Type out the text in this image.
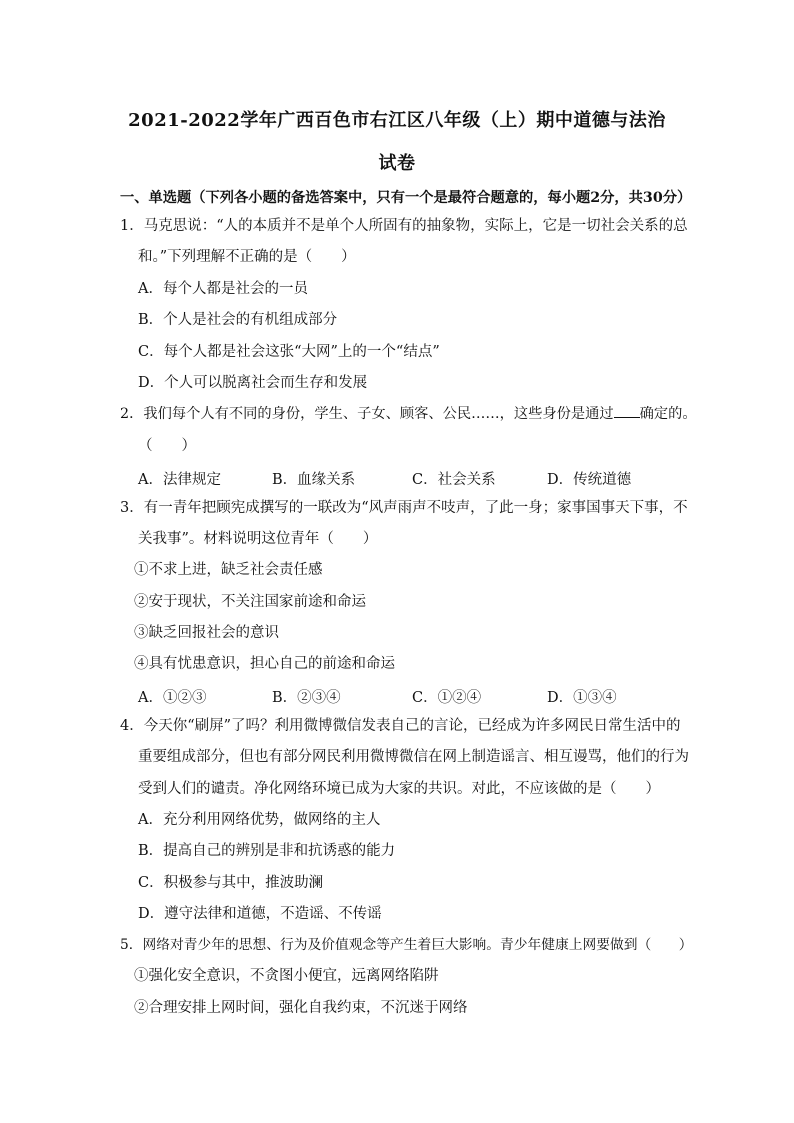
2021-2022学年广西百色市右江区八年级（上）期中道德与法治
试卷
一、单选题（下列各小题的备选答案中，只有一个是最符合题意的，每小题2分，共30分）
1．马克思说：“人的本质并不是单个人所固有的抽象物，实际上，它是一切社会关系的总
和。”下列理解不正确的是（　　）
A．每个人都是社会的一员
B．个人是社会的有机组成部分
C．每个人都是社会这张“大网”上的一个“结点”
D．个人可以脱离社会而生存和发展
2．我们每个人有不同的身份，学生、子女、顾客、公民……，这些身份是通过 确定的。
（　　）
A．法律规定	B．血缘关系	C．社会关系	D．传统道德
3．有一青年把顾宪成撰写的一联改为“风声雨声不吱声，了此一身；家事国事天下事，不
关我事”。材料说明这位青年（　　）
①不求上进，缺乏社会责任感
②安于现状，不关注国家前途和命运
③缺乏回报社会的意识
④具有忧患意识，担心自己的前途和命运
A．①②③	B．②③④	C．①②④	D．①③④
4．今天你“刷屏”了吗？利用微博微信发表自己的言论，已经成为许多网民日常生活中的
重要组成部分，但也有部分网民利用微博微信在网上制造谣言、相互谩骂，他们的行为
受到人们的谴责。净化网络环境已成为大家的共识。对此，不应该做的是（　　）
A．充分利用网络优势，做网络的主人
B．提高自己的辨别是非和抗诱惑的能力
C．积极参与其中，推波助澜
D．遵守法律和道德，不造谣、不传谣
5．网络对青少年的思想、行为及价值观念等产生着巨大影响。青少年健康上网要做到（　　）
①强化安全意识，不贪图小便宜，远离网络陷阱
②合理安排上网时间，强化自我约束，不沉迷于网络
